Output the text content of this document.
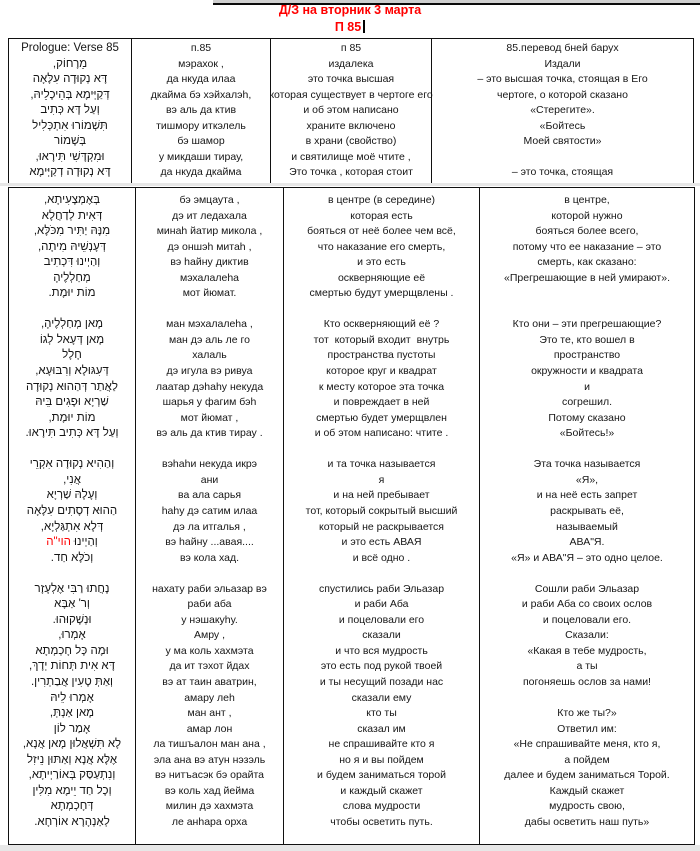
Д/З на вторник 3 марта
П 85
Prologue: Verse 85
מֵרָחוֹק,
דָּא נְקוּדָה עִלָּאָה
דְּקַיְּימָא בְּהֵיכָלֵיהּ,
וְעַל דָּא כְּתִיב
תִּשְׁמוֹרוּ אִתְכְּלִיל
בְּשָׁמוֹר
וּמִקְדָּשִׁי תִּירָאוּ,
דָּא נְקוּדָה דְקַיְּימָא
п.85
мэрахок ,
да нкуда илаа
дкайма бэ хэйхалэh,
вэ аль да ктив
тишмору иткэлель
бэ шамор
у микдаши тирау,
да нкуда дкайма
п 85
издалека
это точка высшая
которая существует в чертоге его
и об этом написано
храните включено
в храни (свойство)
и святилище моё чтите ,
Это точка , которая стоит
85.перевод бней барух
Издали
– это высшая точка, стоящая в Его
чертоге, о которой сказано
«Стерегите».
«Бойтесь
Моей святости»
– это точка, стоящая
בְּאֶמְצָעִיתָא,
דְּאִית לְדַחֲלָא
מִנָּהּ יַתִּיר מִכֹּלָּא,
דְּעָנְשֵׁיהּ מִיתָה,
וְהַיְינוּ דִּכְתִיב
מְחַלְלֶיהָ
מוֹת יוּמָת.
מָאן מְחַלְלֶיהָ,
מָאן דְּעָאל לְגוֹ
חָלָל
דְּעִגּוּלָא וְרִבּוּעָא,
לַאֲתַר דְּהַהוּא נְקוּדָה
שַׁרְיָא וּפָגִים בֵּיהּ
מוֹת יוּמָת,
וְעַל דָּא כְּתִיב תִּירָאוּ.
וְהַהִיא נְקוּדָה אִקְרֵי
אֲנִי,
וְעָלָהּ שַׁרְיָא
הַהוּא דְסָתִים עִלָּאָה
דְּלָא אִתְגַּלְיָא,
וְהַיְינוּ
הוי"ה
וְכֹלָּא חַד.
נָחֲתוּ רַבִּי אֶלְעָזָר
וְר' אַבָּא
וּנְשָׁקוּהוּ.
אָמְרוּ,
וּמָה כָּל חָכְמְתָא
דָּא אִית תְּחוֹת יְדָךְ,
וְאַתְּ טָעִין אֲבַתְרִין.
אָמְרוּ לֵיהּ
מָאן אַנְתְּ,
אָמַר לוֹן
לָא תִּשְׁאֲלוּן מָאן אֲנָא,
אֶלָּא אֲנָא וְאַתּוּן נֵיזִל
וְנִתְעַסַּק בְּאוֹרַיְיתָא,
וְכָל חַד יֵימָא מִלִּין
דְּחָכְמְתָא
לְאַנְהָרָא אוֹרְחָא.
бэ эмцаута ,
дэ ит ледахала
минаh йатир микола ,
дэ оншэh митаh ,
вэ hайну диктив
мэхалалеhа
мот йюмат.
ман мэхалалеhа ,
ман дэ аль ле го
халаль
дэ игула вэ ривуа
лаатар дэhаhу некуда
шарья у фагим бэh
мот йюмат ,
вэ аль да ктив тирау .
вэhаhи некуда икрэ
ани
ва ала сарья
hаhу дэ сатим илаа
дэ ла итгалья ,
вэ hайну ...авая....
вэ кола хад.
нахату раби эльазар вэ
раби аба
у нэшакуhу.
Амру ,
у ма коль хахмэта
да ит тэхот йдах
вэ ат таин аватрин,
амару леh
ман ант ,
амар лон
ла тишъалон ман ана ,
эла ана вэ атун нэзэль
вэ нитъасэк бэ орайта
вэ коль хад йейма
милин дэ хахмэта
ле анhара орха
в центре (в середине)
которая есть
бояться от неё более чем всё,
что наказание его смерть,
и это есть
оскверняющие её
смертью будут умерщвлены .
Кто оскверняющий её ?
тот  который входит  внутрь
пространства пустоты
которое круг и квадрат
к месту которое эта точка
и повреждает в ней
смертью будет умерщвлен
и об этом написано: чтите .
и та точка называется
я
и на ней пребывает
тот, который сокрытый высший
который не раскрывается
и это есть АВАЯ
и всё одно .
спустились раби Эльазар
и раби Аба
и поцеловали его
сказали
и что вся мудрость
это есть под рукой твоей
и ты несущий позади нас
сказали ему
кто ты
сказал им
не спрашивайте кто я
но я и вы пойдем
и будем заниматься торой
и каждый скажет
слова мудрости
чтобы осветить путь.
в центре,
которой нужно
бояться более всего,
потому что ее наказание – это
смерть, как сказано:
«Прегрешающие в ней умирают».
Кто они – эти прегрешающие?
Это те, кто вошел в
пространство
окружности и квадрата
и
согрешил.
Потому сказано
«Бойтесь!»
Эта точка называется
«Я»,
и на неё есть запрет
раскрывать её,
называемый
АВА"Я.
«Я» и АВА"Я – это одно целое.
Сошли раби Эльазар
и раби Аба со своих ослов
и поцеловали его.
Сказали:
«Какая в тебе мудрость,
а ты
погоняешь ослов за нами!
Кто же ты?»
Ответил им:
«Не спрашивайте меня, кто я,
а пойдем
далее и будем заниматься Торой.
Каждый скажет
мудрость свою,
дабы осветить наш путь»
